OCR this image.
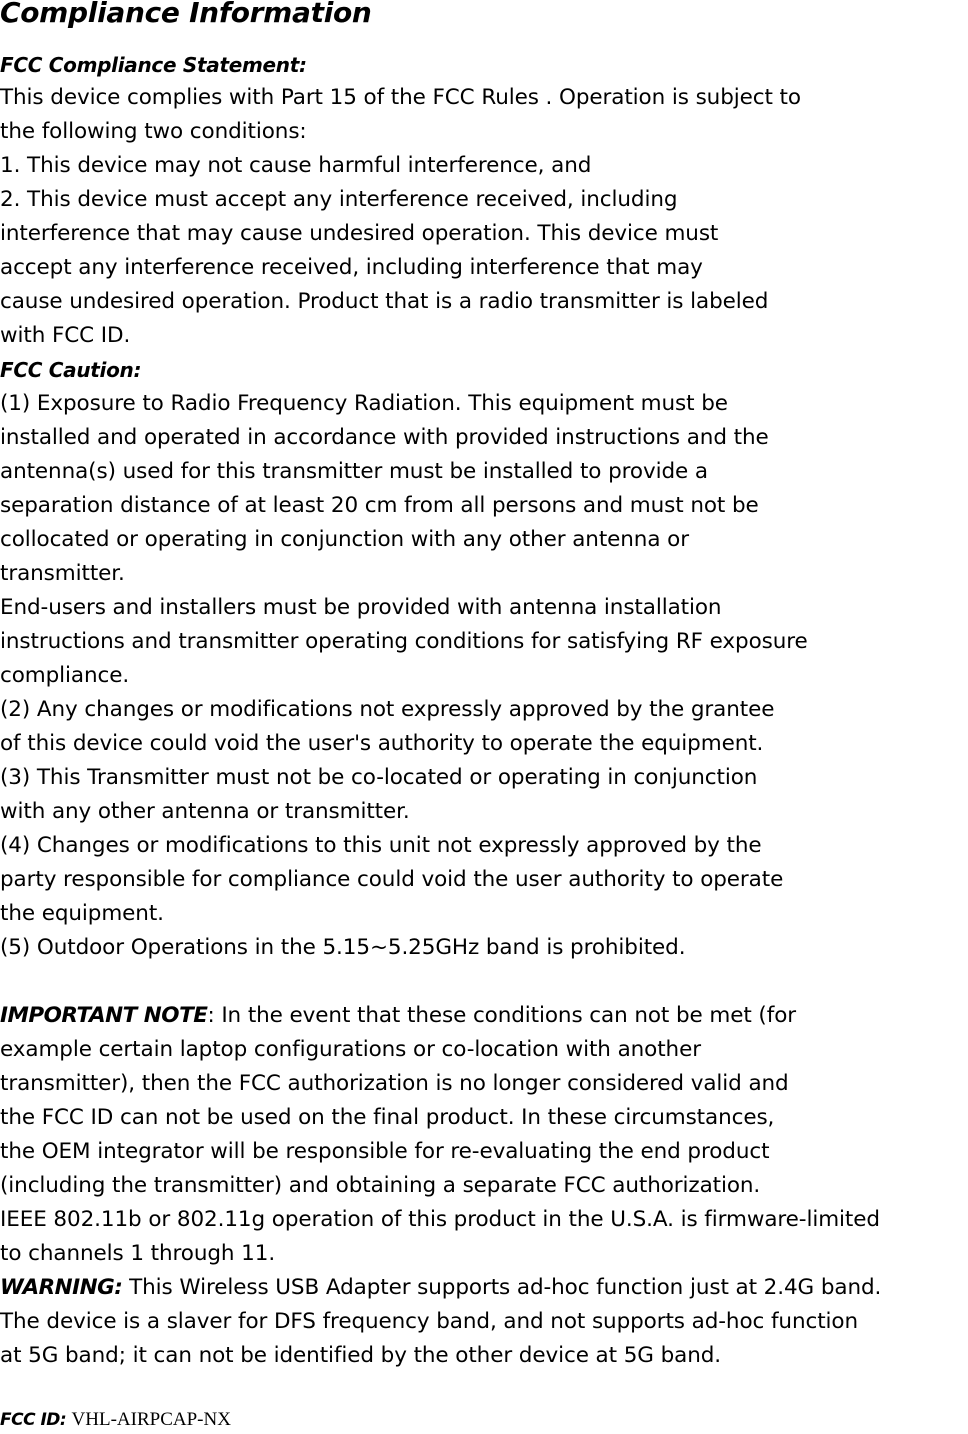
Compliance Information
FCC Compliance Statement:
This device complies with Part 15 of the FCC Rules . Operation is subject to
the following two conditions:
1. This device may not cause harmful interference, and
2. This device must accept any interference received, including
interference that may cause undesired operation. This device must
accept any interference received, including interference that may
cause undesired operation. Product that is a radio transmitter is labeled
with FCC ID.
FCC Caution:
(1) Exposure to Radio Frequency Radiation. This equipment must be
installed and operated in accordance with provided instructions and the
antenna(s) used for this transmitter must be installed to provide a
separation distance of at least 20 cm from all persons and must not be
collocated or operating in conjunction with any other antenna or
transmitter.
End-users and installers must be provided with antenna installation
instructions and transmitter operating conditions for satisfying RF exposure
compliance.
(2) Any changes or modifications not expressly approved by the grantee
of this device could void the user's authority to operate the equipment.
(3) This Transmitter must not be co-located or operating in conjunction
with any other antenna or transmitter.
(4) Changes or modifications to this unit not expressly approved by the
party responsible for compliance could void the user authority to operate
the equipment.
(5) Outdoor Operations in the 5.15~5.25GHz band is prohibited.
IMPORTANT NOTE: In the event that these conditions can not be met (for
example certain laptop configurations or co-location with another
transmitter), then the FCC authorization is no longer considered valid and
the FCC ID can not be used on the final product. In these circumstances,
the OEM integrator will be responsible for re-evaluating the end product
(including the transmitter) and obtaining a separate FCC authorization.
IEEE 802.11b or 802.11g operation of this product in the U.S.A. is firmware-limited
to channels 1 through 11.
WARNING: This Wireless USB Adapter supports ad-hoc function just at 2.4G band.
The device is a slaver for DFS frequency band, and not supports ad-hoc function
at 5G band; it can not be identified by the other device at 5G band.
FCC ID: VHL-AIRPCAP-NX
